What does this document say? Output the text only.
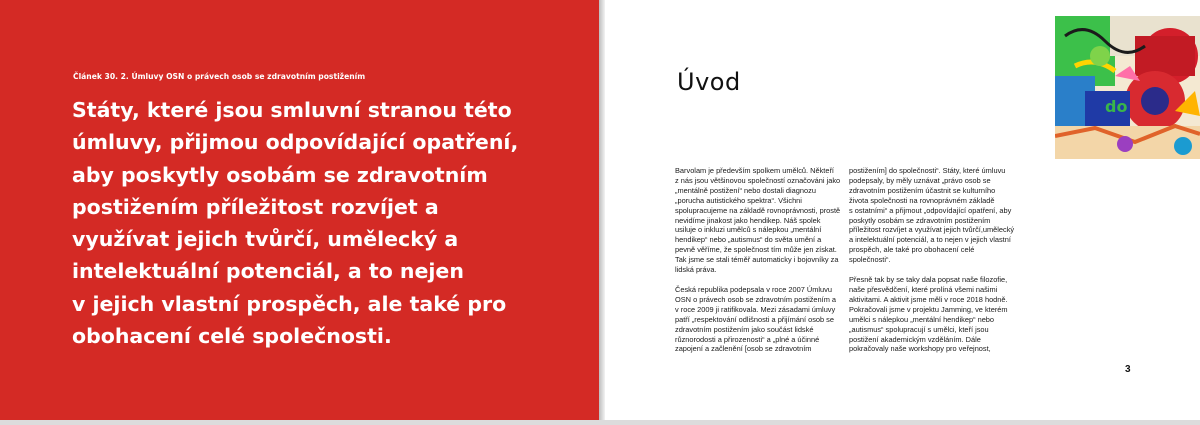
Článek 30. 2. Úmluvy OSN o právech osob se zdravotním postižením
Státy, které jsou smluvní stranou této
úmluvy, přijmou odpovídající opatření,
aby poskytly osobám se zdravotním
postižením příležitost rozvíjet a
využívat jejich tvůrčí, umělecký a
intelektuální potenciál, a to nejen
v jejich vlastní prospěch, ale také pro
obohacení celé společnosti.
Úvod
do

Barvolam je především spolkem umělců. Někteří
z nás jsou většinovou společností označováni jako
„mentálně postižení“ nebo dostali diagnozu
„porucha autistického spektra“. Všichni
spolupracujeme na základě rovnoprávnosti, prostě
nevidíme jinakost jako hendikep. Náš spolek
usiluje o inkluzi umělců s nálepkou „mentální
hendikep“ nebo „autismus“ do světa umění a
pevně věříme, že společnost tím může jen získat.
Tak jsme se stali téměř automaticky i bojovníky za
lidská práva.

Česká republika podepsala v roce 2007 Úmluvu
OSN o právech osob se zdravotním postižením a
v roce 2009 ji ratifikovala. Mezi zásadami úmluvy
patří „respektování odlišnosti a přijímání osob se
zdravotním postižením jako součást lidské
různorodosti a přirozenosti“ a „plné a účinné
zapojení a začlenění [osob se zdravotním

postižením] do společnosti“. Státy, které úmluvu
podepsaly, by měly uznávat „právo osob se
zdravotním postižením účastnit se kulturního
života společnosti na rovnoprávném základě
s ostatními“ a přijmout „odpovídající opatření, aby
poskytly osobám se zdravotním postižením
příležitost rozvíjet a využívat jejich tvůrčí,umělecký
a intelektuální potenciál, a to nejen v jejich vlastní
prospěch, ale také pro obohacení celé
společnosti“.

Přesně tak by se taky dala popsat naše filozofie,
naše přesvědčení, které prolíná všemi našimi
aktivitami. A aktivit jsme měli v roce 2018 hodně.
Pokračovali jsme v projektu Jamming, ve kterém
umělci s nálepkou „mentální hendikep“ nebo
„autismus“ spolupracují s umělci, kteří jsou
postižení akademickým vzděláním. Dále
pokračovaly naše workshopy pro veřejnost,

3
